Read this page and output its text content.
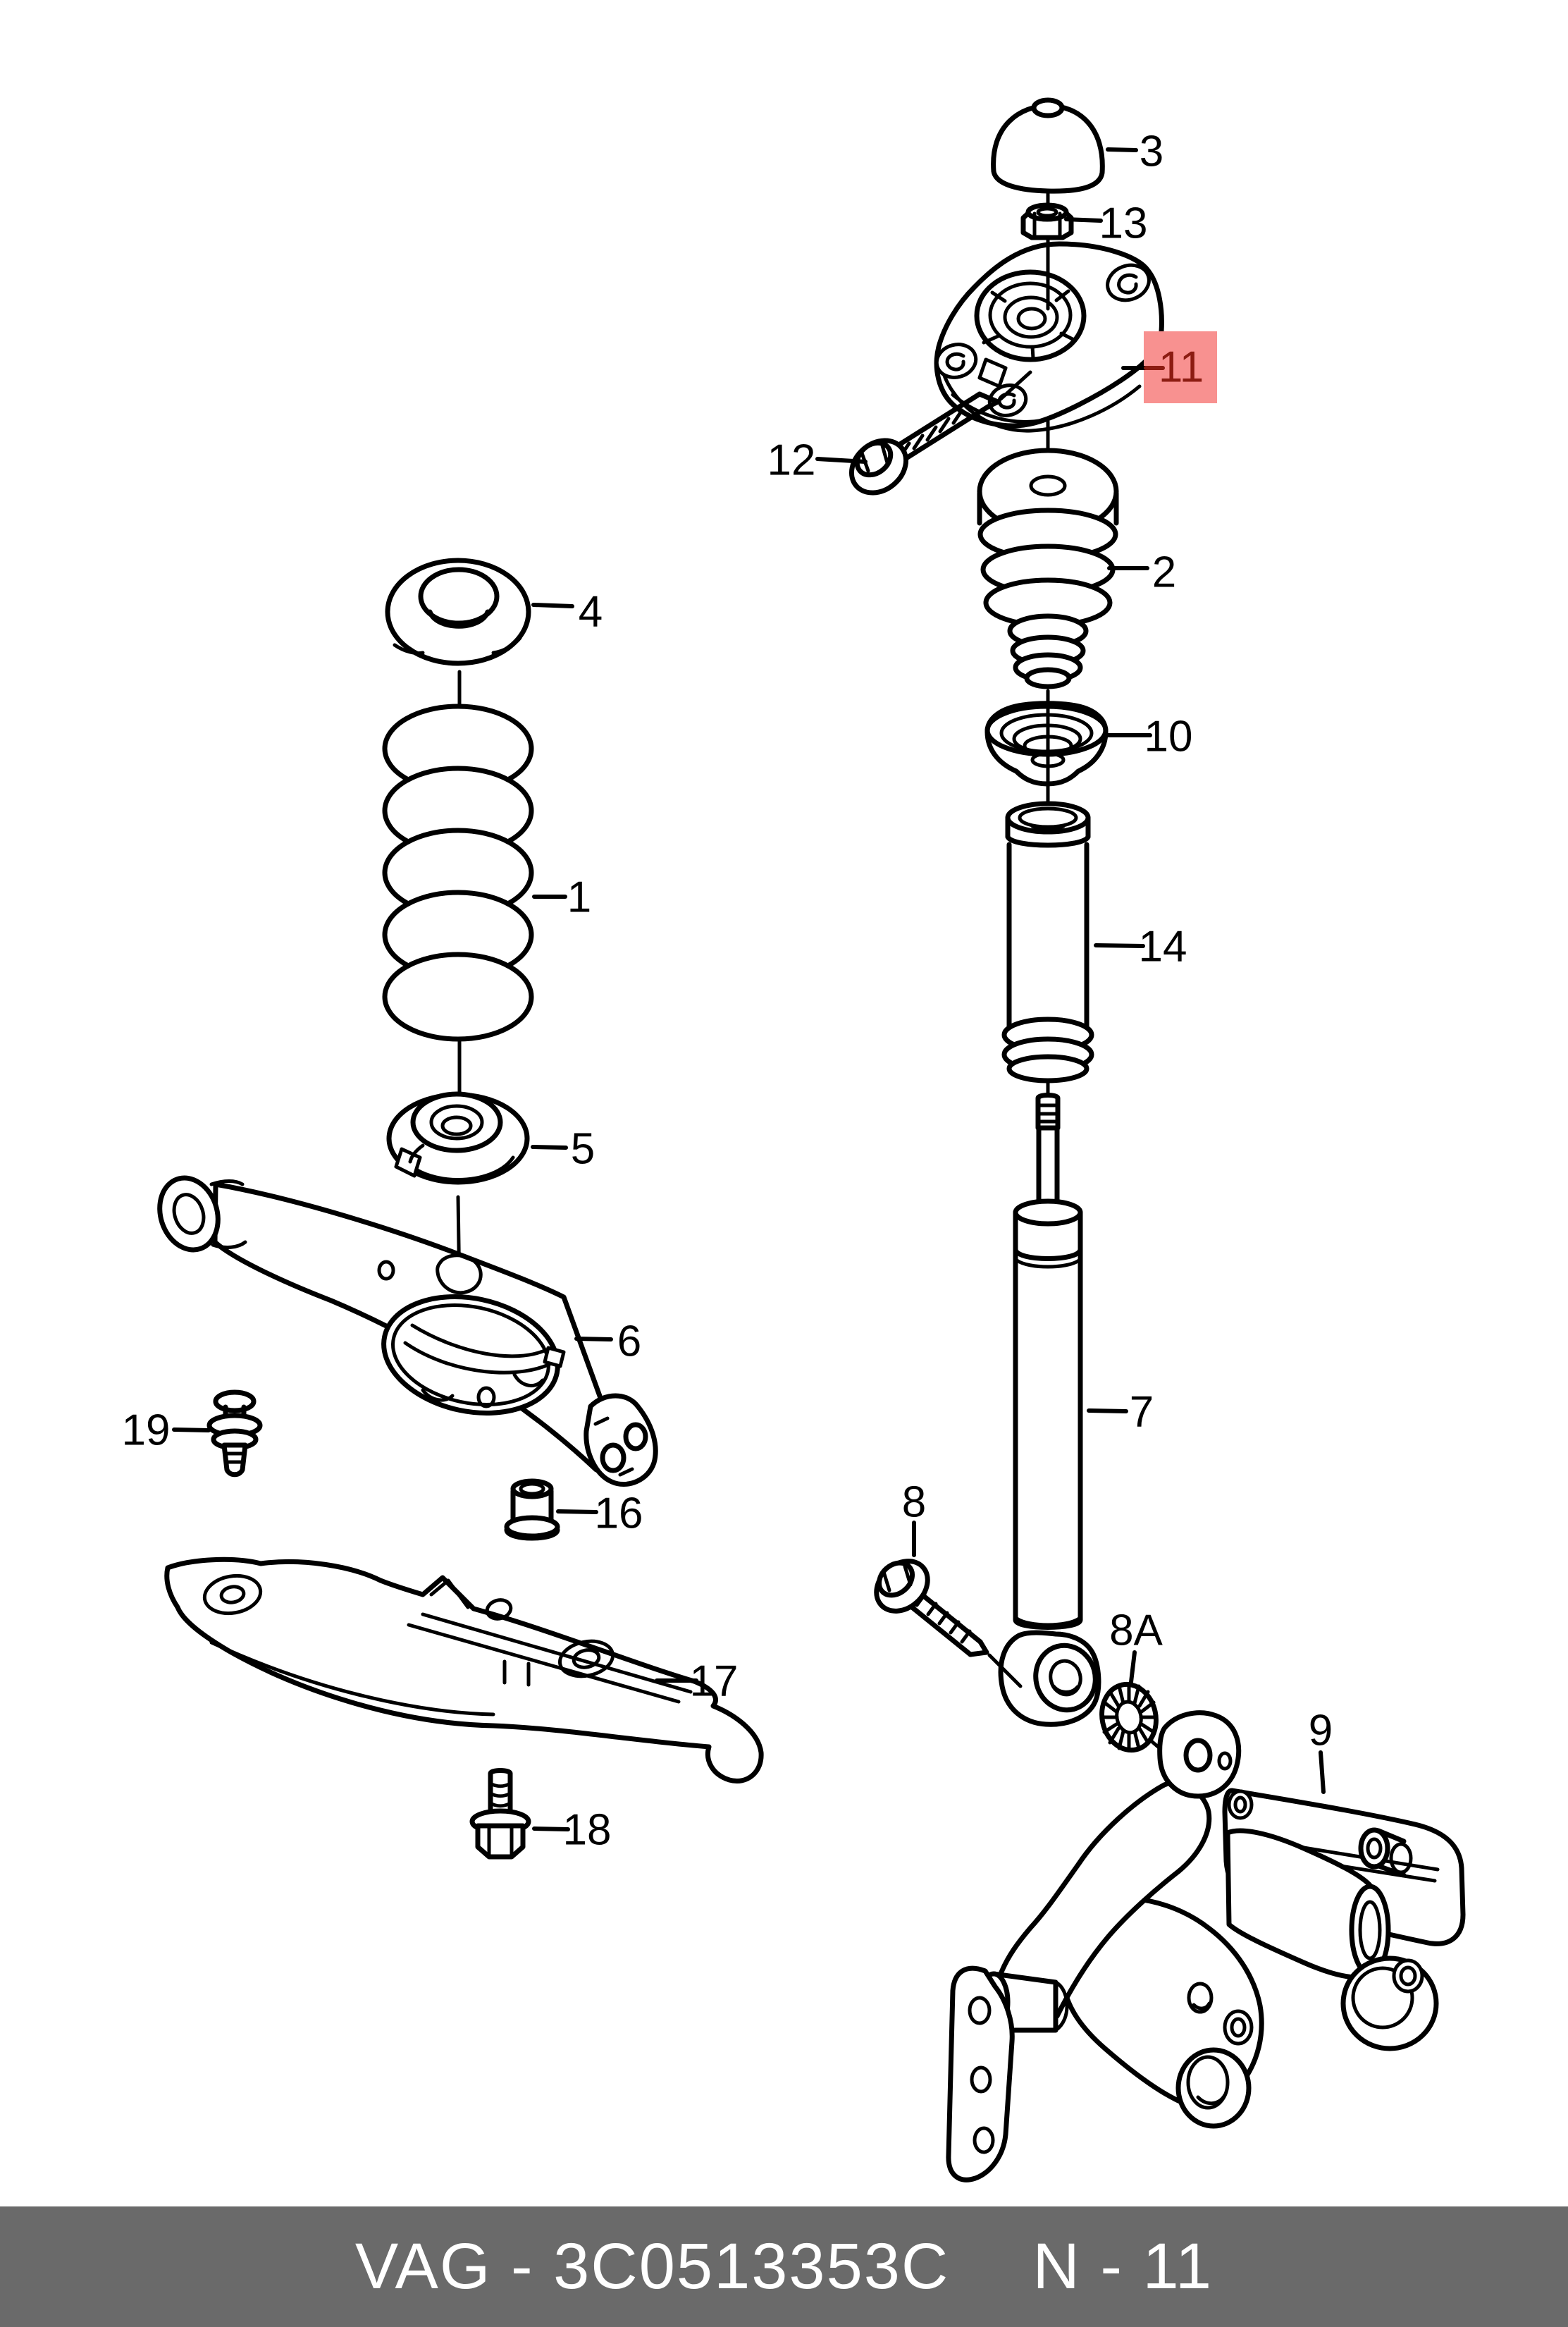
1
2
3
4
5
6
7
8
8A
9
10
11
12
13
14
16
17
18
19
VAG - 3C0513353C N - 11
